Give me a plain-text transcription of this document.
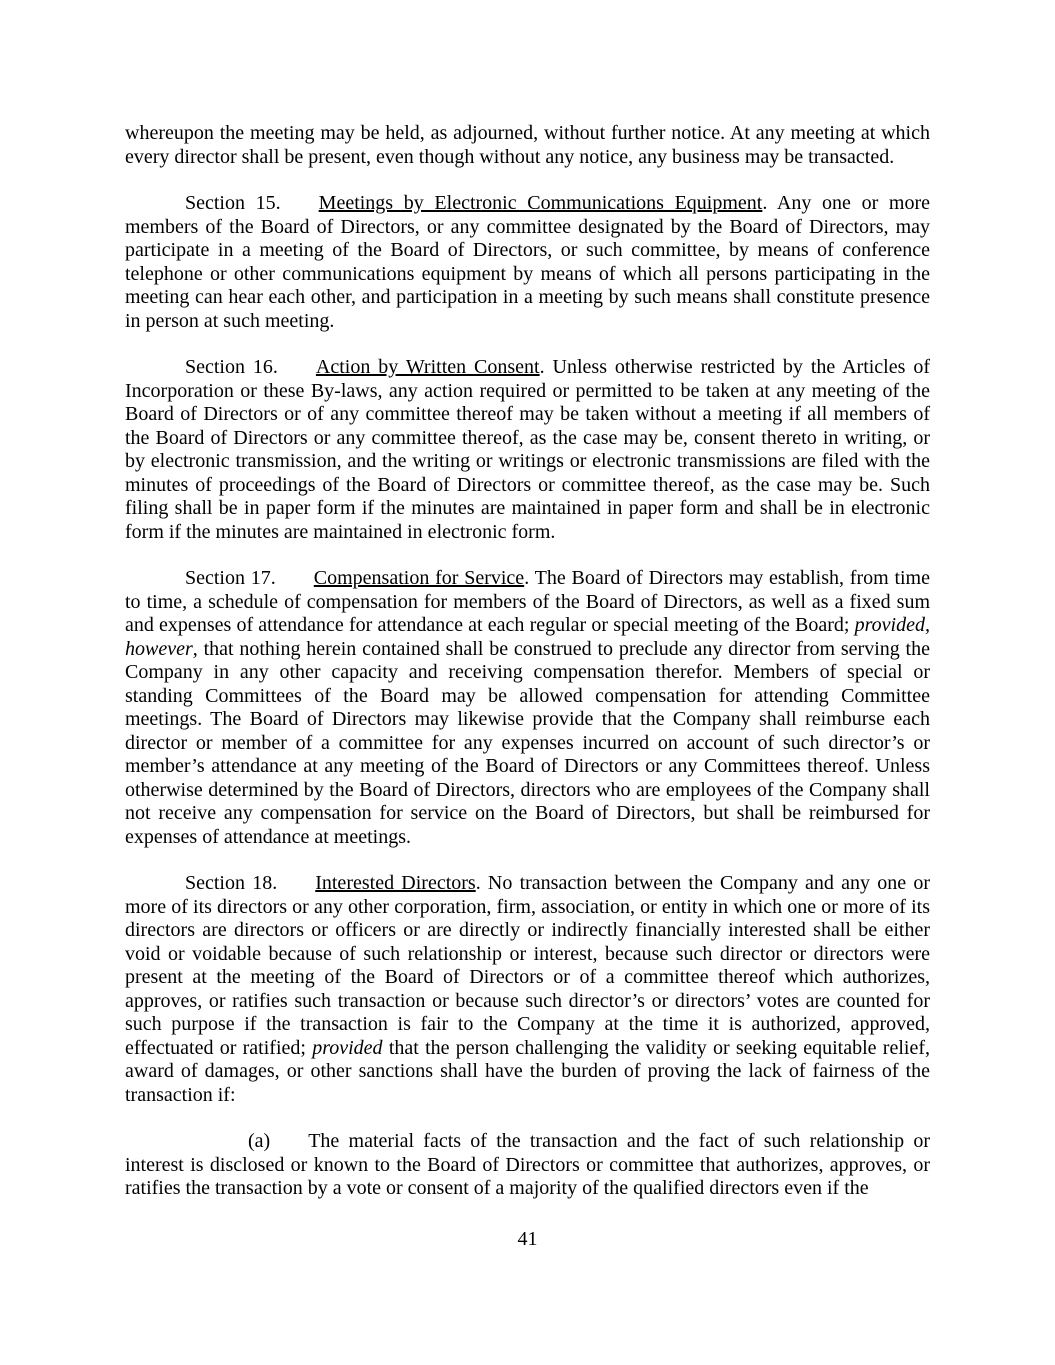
whereupon the meeting may be held, as adjourned, without further notice. At any meeting at which every director shall be present, even though without any notice, any business may be transacted.

Section 15. Meetings by Electronic Communications Equipment. Any one or more members of the Board of Directors, or any committee designated by the Board of Directors, may participate in a meeting of the Board of Directors, or such committee, by means of conference telephone or other communications equipment by means of which all persons participating in the meeting can hear each other, and participation in a meeting by such means shall constitute presence in person at such meeting.

Section 16. Action by Written Consent. Unless otherwise restricted by the Articles of Incorporation or these By-laws, any action required or permitted to be taken at any meeting of the Board of Directors or of any committee thereof may be taken without a meeting if all members of the Board of Directors or any committee thereof, as the case may be, consent thereto in writing, or by electronic transmission, and the writing or writings or electronic transmissions are filed with the minutes of proceedings of the Board of Directors or committee thereof, as the case may be. Such filing shall be in paper form if the minutes are maintained in paper form and shall be in electronic form if the minutes are maintained in electronic form.

Section 17. Compensation for Service. The Board of Directors may establish, from time to time, a schedule of compensation for members of the Board of Directors, as well as a fixed sum and expenses of attendance for attendance at each regular or special meeting of the Board; provided, however, that nothing herein contained shall be construed to preclude any director from serving the Company in any other capacity and receiving compensation therefor. Members of special or standing Committees of the Board may be allowed compensation for attending Committee meetings. The Board of Directors may likewise provide that the Company shall reimburse each director or member of a committee for any expenses incurred on account of such director’s or member’s attendance at any meeting of the Board of Directors or any Committees thereof. Unless otherwise determined by the Board of Directors, directors who are employees of the Company shall not receive any compensation for service on the Board of Directors, but shall be reimbursed for expenses of attendance at meetings.

Section 18. Interested Directors. No transaction between the Company and any one or more of its directors or any other corporation, firm, association, or entity in which one or more of its directors are directors or officers or are directly or indirectly financially interested shall be either void or voidable because of such relationship or interest, because such director or directors were present at the meeting of the Board of Directors or of a committee thereof which authorizes, approves, or ratifies such transaction or because such director’s or directors’ votes are counted for such purpose if the transaction is fair to the Company at the time it is authorized, approved, effectuated or ratified; provided that the person challenging the validity or seeking equitable relief, award of damages, or other sanctions shall have the burden of proving the lack of fairness of the transaction if:

(a) The material facts of the transaction and the fact of such relationship or interest is disclosed or known to the Board of Directors or committee that authorizes, approves, or ratifies the transaction by a vote or consent of a majority of the qualified directors even if the

41
